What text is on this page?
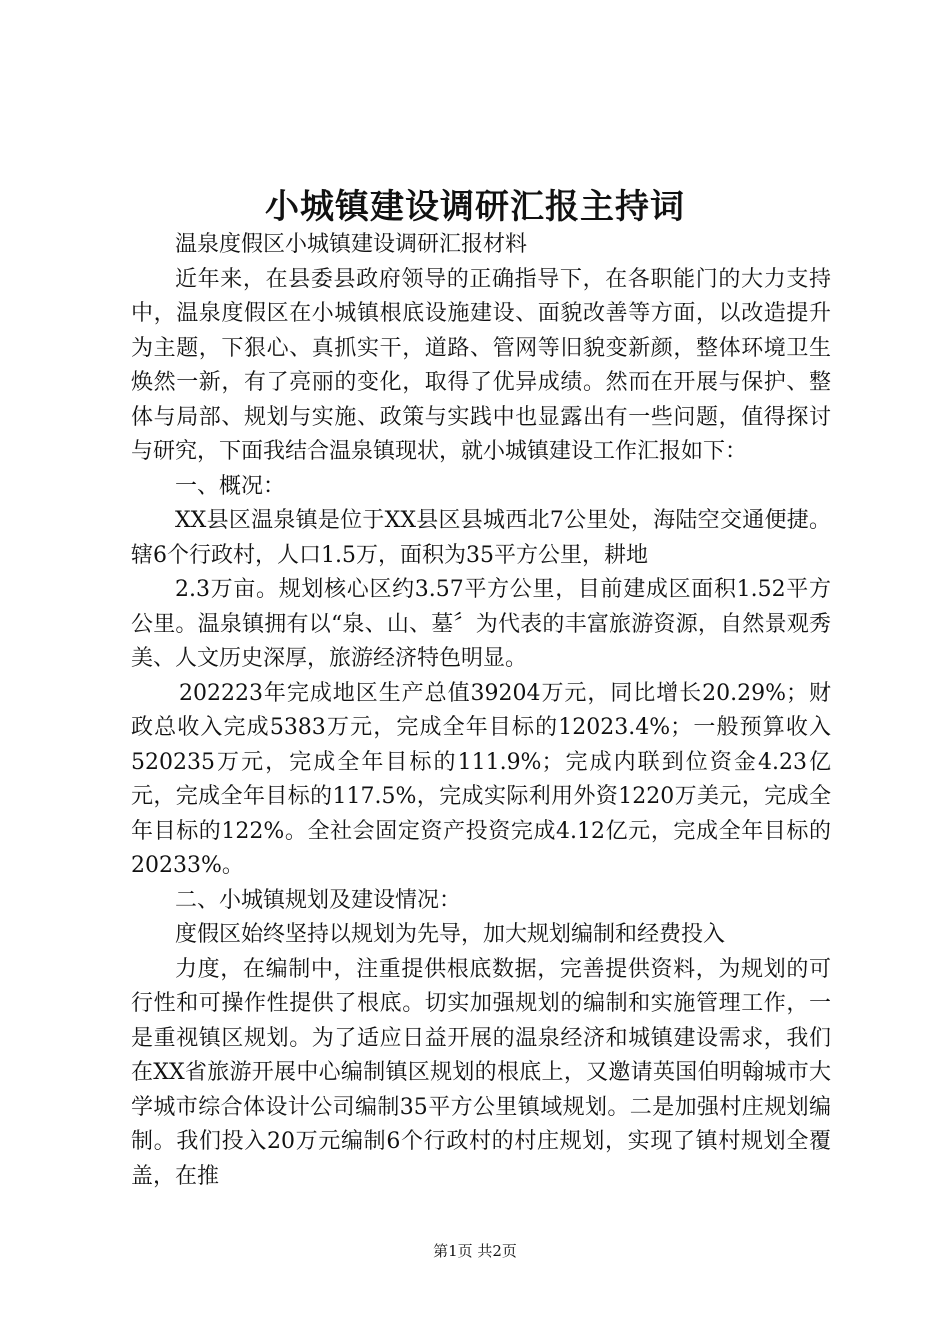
小城镇建设调研汇报主持词

温泉度假区小城镇建设调研汇报材料

近年来，在县委县政府领导的正确指导下，在各职能门的大力支持中，温泉度假区在小城镇根底设施建设、面貌改善等方面，以改造提升为主题，下狠心、真抓实干，道路、管网等旧貌变新颜，整体环境卫生焕然一新，有了亮丽的变化，取得了优异成绩。然而在开展与保护、整体与局部、规划与实施、政策与实践中也显露出有一些问题，值得探讨与研究，下面我结合温泉镇现状，就小城镇建设工作汇报如下：

一、概况：

XX县区温泉镇是位于XX县区县城西北7公里处，海陆空交通便捷。辖6个行政村，人口1.5万，面积为35平方公里，耕地

2.3万亩。规划核心区约3.57平方公里，目前建成区面积1.52平方公里。温泉镇拥有以“泉、山、墓〞为代表的丰富旅游资源，自然景观秀美、人文历史深厚，旅游经济特色明显。

202223年完成地区生产总值39204万元，同比增长20.29%；财政总收入完成5383万元，完成全年目标的12023.4%；一般预算收入520235万元，完成全年目标的111.9%；完成内联到位资金4.23亿元，完成全年目标的117.5%，完成实际利用外资1220万美元，完成全年目标的122%。全社会固定资产投资完成4.12亿元，完成全年目标的20233%。

二、小城镇规划及建设情况：

度假区始终坚持以规划为先导，加大规划编制和经费投入

力度，在编制中，注重提供根底数据，完善提供资料，为规划的可行性和可操作性提供了根底。切实加强规划的编制和实施管理工作，一是重视镇区规划。为了适应日益开展的温泉经济和城镇建设需求，我们在XX省旅游开展中心编制镇区规划的根底上，又邀请英国伯明翰城市大学城市综合体设计公司编制35平方公里镇域规划。二是加强村庄规划编制。我们投入20万元编制6个行政村的村庄规划，实现了镇村规划全覆盖，在推

第1页 共2页
